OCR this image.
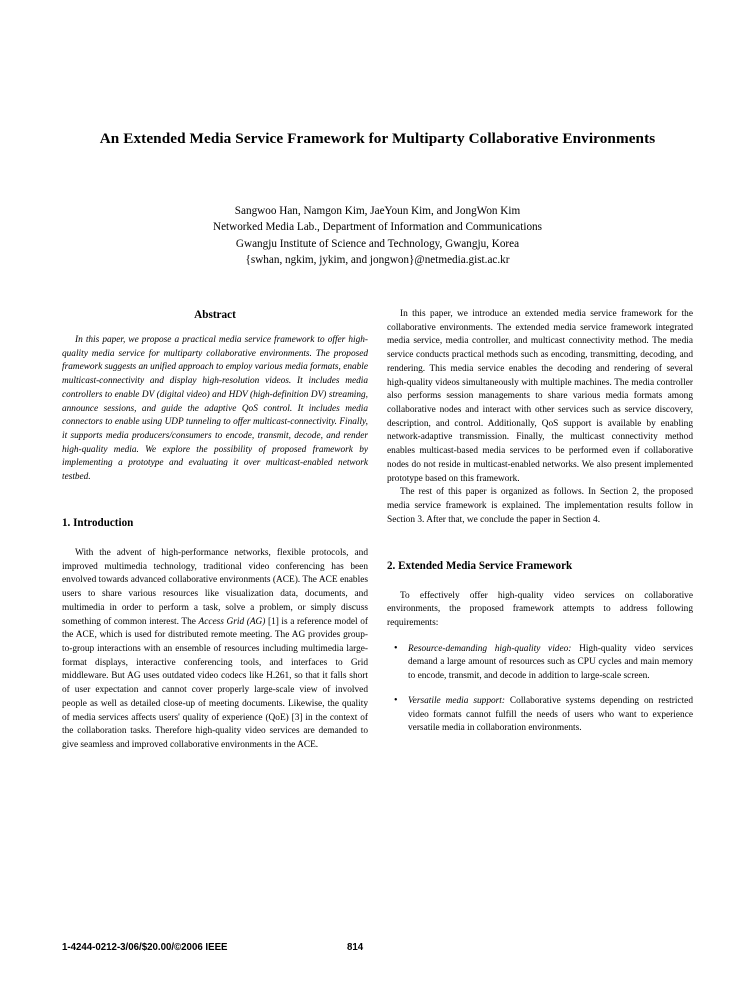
An Extended Media Service Framework for Multiparty Collaborative Environments
Sangwoo Han, Namgon Kim, JaeYoun Kim, and JongWon Kim
Networked Media Lab., Department of Information and Communications
Gwangju Institute of Science and Technology, Gwangju, Korea
{swhan, ngkim, jykim, and jongwon}@netmedia.gist.ac.kr
Abstract

In this paper, we propose a practical media service framework to offer high-quality media service for multiparty collaborative environments. The proposed framework suggests an unified approach to employ various media formats, enable multicast-connectivity and display high-resolution videos. It includes media controllers to enable DV (digital video) and HDV (high-definition DV) streaming, announce sessions, and guide the adaptive QoS control. It includes media connectors to enable using UDP tunneling to offer multicast-connectivity. Finally, it supports media producers/consumers to encode, transmit, decode, and render high-quality media. We explore the possibility of proposed framework by implementing a prototype and evaluating it over multicast-enabled network testbed.

1. Introduction

With the advent of high-performance networks, flexible protocols, and improved multimedia technology, traditional video conferencing has been envolved towards advanced collaborative environments (ACE). The ACE enables users to share various resources like visualization data, documents, and multimedia in order to perform a task, solve a problem, or simply discuss something of common interest. The Access Grid (AG) [1] is a reference model of the ACE, which is used for distributed remote meeting. The AG provides group-to-group interactions with an ensemble of resources including multimedia large-format displays, interactive conferencing tools, and interfaces to Grid middleware. But AG uses outdated video codecs like H.261, so that it falls short of user expectation and cannot cover properly large-scale view of involved people as well as detailed close-up of meeting documents. Likewise, the quality of media services affects users' quality of experience (QoE) [3] in the context of the collaboration tasks. Therefore high-quality video services are demanded to give seamless and improved collaborative environments in the ACE.

In this paper, we introduce an extended media service framework for the collaborative environments. The extended media service framework integrated media service, media controller, and multicast connectivity method. The media service conducts practical methods such as encoding, transmitting, decoding, and rendering. This media service enables the decoding and rendering of several high-quality videos simultaneously with multiple machines. The media controller also performs session managements to share various media formats among collaborative nodes and interact with other services such as service discovery, description, and control. Additionally, QoS support is available by enabling network-adaptive transmission. Finally, the multicast connectivity method enables multicast-based media services to be performed even if collaborative nodes do not reside in multicast-enabled networks. We also present implemented prototype based on this framework.

The rest of this paper is organized as follows. In Section 2, the proposed media service framework is explained. The implementation results follow in Section 3. After that, we conclude the paper in Section 4.

2. Extended Media Service Framework

To effectively offer high-quality video services on collaborative environments, the proposed framework attempts to address following requirements:

• Resource-demanding high-quality video: High-quality video services demand a large amount of resources such as CPU cycles and main memory to encode, transmit, and decode in addition to large-scale screen.
• Versatile media support: Collaborative systems depending on restricted video formats cannot fulfill the needs of users who want to experience versatile media in collaboration environments.
1-4244-0212-3/06/$20.00/©2006 IEEE	814
